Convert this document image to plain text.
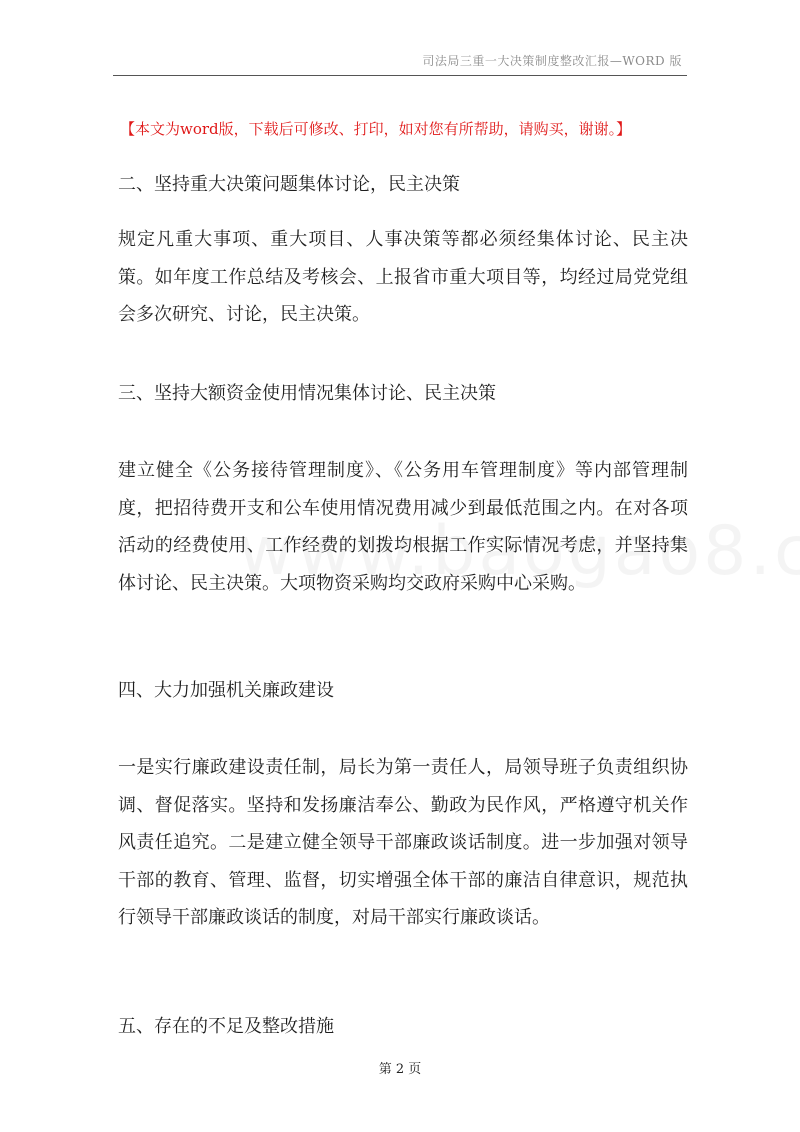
司法局三重一大决策制度整改汇报—WORD 版
【本文为word版，下载后可修改、打印，如对您有所帮助，请购买，谢谢。】
二、坚持重大决策问题集体讨论，民主决策
规定凡重大事项、重大项目、人事决策等都必须经集体讨论、民主决策。如年度工作总结及考核会、上报省市重大项目等，均经过局党党组会多次研究、讨论，民主决策。
三、坚持大额资金使用情况集体讨论、民主决策
建立健全《公务接待管理制度》、《公务用车管理制度》等内部管理制度，把招待费开支和公车使用情况费用减少到最低范围之内。在对各项活动的经费使用、工作经费的划拨均根据工作实际情况考虑，并坚持集体讨论、民主决策。大项物资采购均交政府采购中心采购。
四、大力加强机关廉政建设
一是实行廉政建设责任制，局长为第一责任人，局领导班子负责组织协调、督促落实。坚持和发扬廉洁奉公、勤政为民作风，严格遵守机关作风责任追究。二是建立健全领导干部廉政谈话制度。进一步加强对领导干部的教育、管理、监督，切实增强全体干部的廉洁自律意识，规范执行领导干部廉政谈话的制度，对局干部实行廉政谈话。
五、存在的不足及整改措施
第 2 页
